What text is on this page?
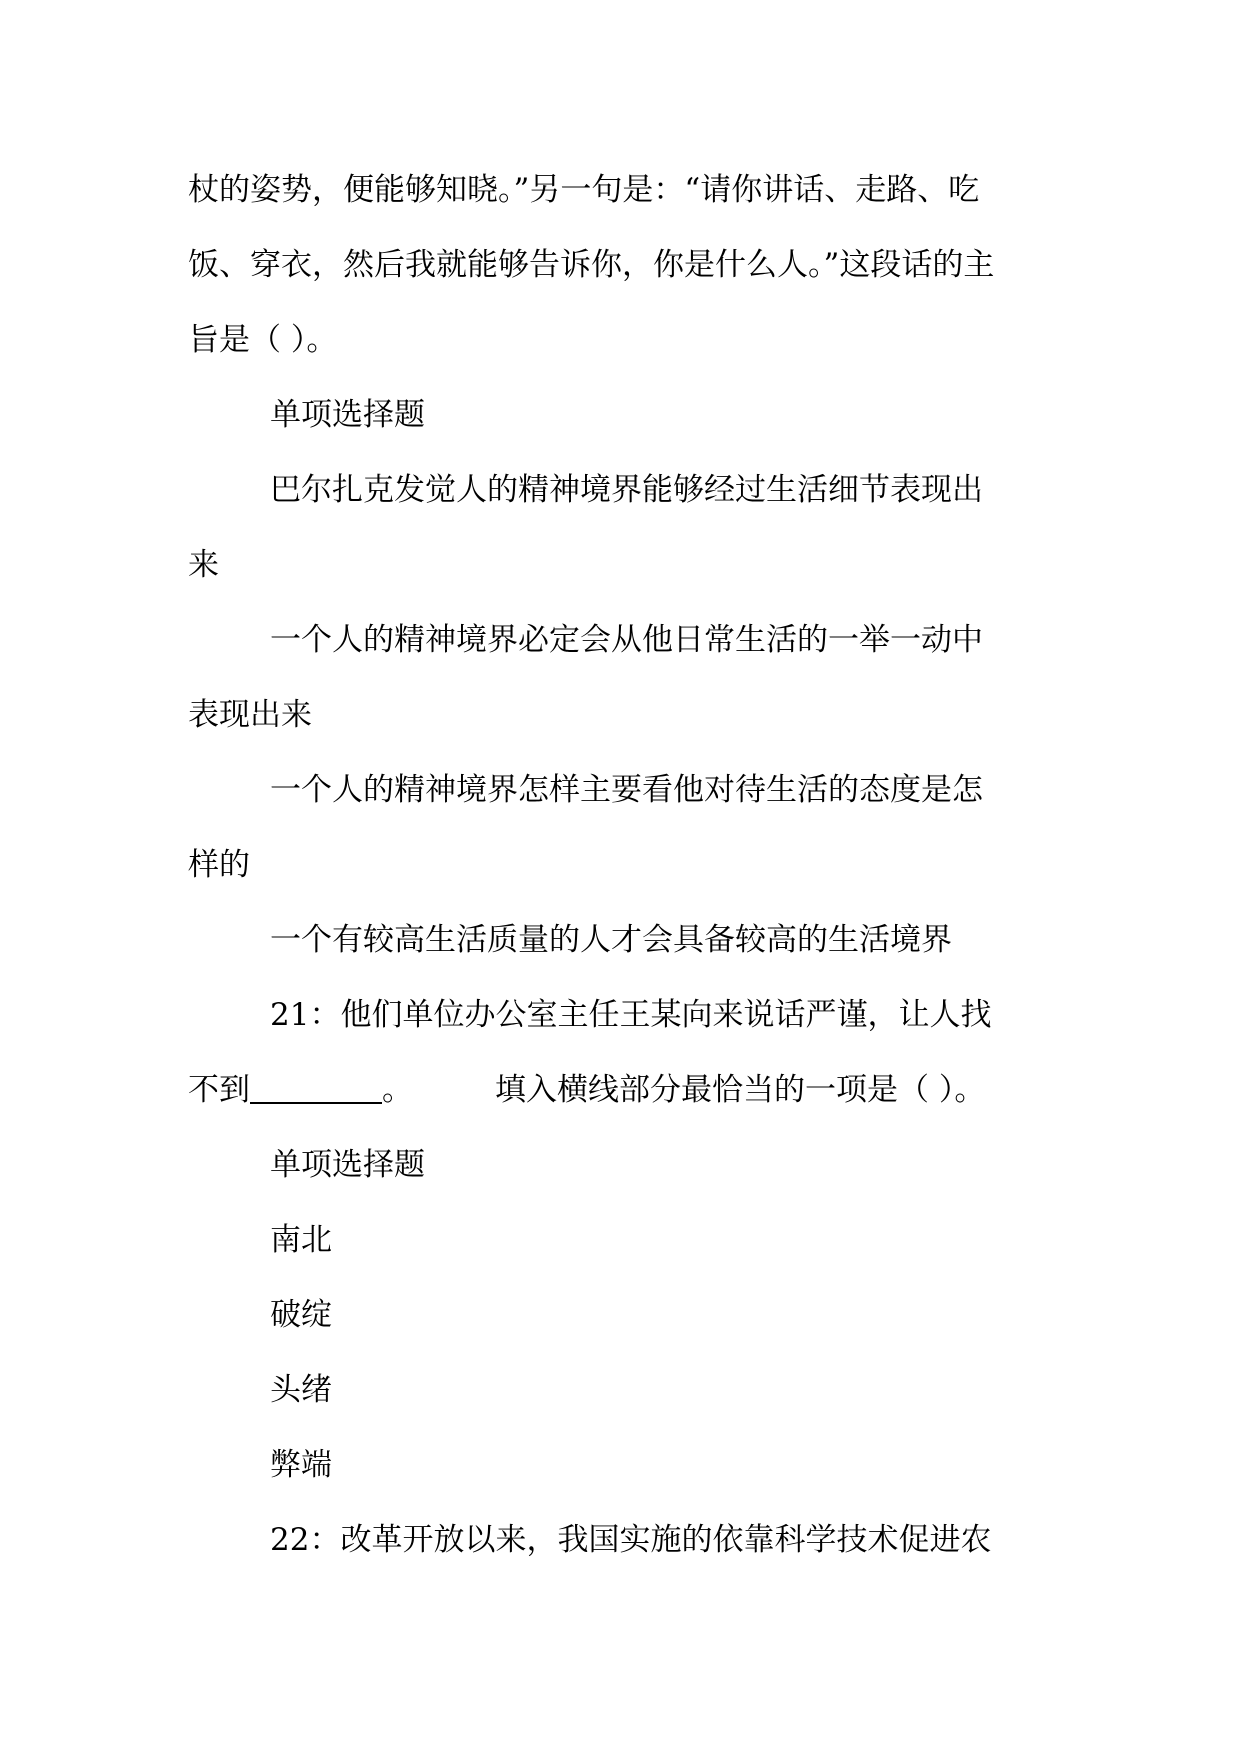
杖的姿势，便能够知晓。”另一句是：“请你讲话、走路、吃
饭、穿衣，然后我就能够告诉你，你是什么人。”这段话的主
旨是（ ）。
单项选择题
巴尔扎克发觉人的精神境界能够经过生活细节表现出
来
一个人的精神境界必定会从他日常生活的一举一动中
表现出来
一个人的精神境界怎样主要看他对待生活的态度是怎
样的
一个有较高生活质量的人才会具备较高的生活境界
21：他们单位办公室主任王某向来说话严谨，让人找
不到	。	填入横线部分最恰当的一项是（ ）。
单项选择题
南北
破绽
头绪
弊端
22：改革开放以来，我国实施的依靠科学技术促进农
